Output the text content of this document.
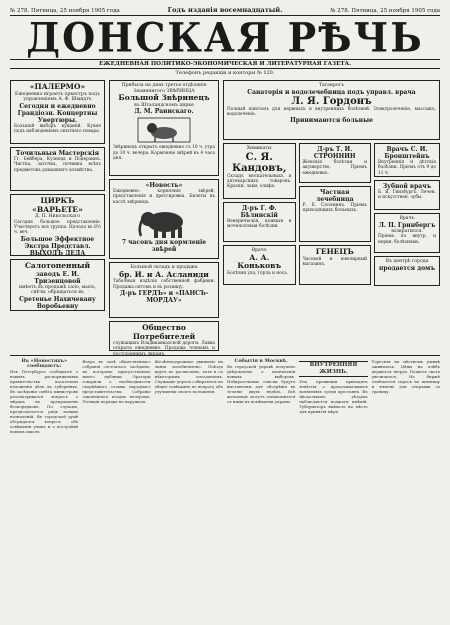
№ 278. Пятница, 25 ноября 1905 года	Годъ изданія восемнадцатый.	№ 278. Пятница, 25 ноября 1905 года
ДОНСКАЯ РѢЧЬ
ЕЖЕДНЕВНАЯ ПОЛИТИКО-ЭКОНОМИЧЕСКАЯ И ЛИТЕРАТУРНАЯ ГАЗЕТА.
Телефонъ редакціи и конторы № 120.
«ПАЛЕРМО»
Ежедневно играетъ оркестръ подъ управленіемъ А. Ф. Шмидтъ
Сегодня и ежедневно
Грандіозн. Концертны Увертюры.
Большой выборъ кушаній. Кухня подъ наблюденіемъ опытнаго повара.
Точильныя Мастерскія
Гг. Бейбера, Кузнеца и Подерзинъ. Чистка, заточка, починка всѣхъ предметовъ домашняго хозяйства.
ЦИРКЪ «ВАРЬЕТЕ»
Д. П. Никольскаго
Сегодня большое представленіе. Участвуетъ вся труппа. Начало въ 8½ ч. веч.
Большое Эффектное Экстра Представл.
ВЫХОДЪ ДЕДА
Салотопенный
заводъ Е. И. Тризенцовой
имѣетъ въ продажѣ сало, мыло, свѣчи, обращаться въ
Сретенье Нахичевану Воробьевну
Прибыла на днях третье отдѣленіе Знаменитого ЗВѢРИНЦА
Большой Звѣринецъ
въ Шталандскомъ цирке
Д. М. Ранискаго.
Звѣринецъ открытъ ежедневно съ 10 ч. утра до 10 ч. вечера. Кормленіе звѣрей въ 4 часа дня.
«Новость»
Ежедневно: кормленіе звѣрей, представленія и дрессировка. Билеты въ кассѣ звѣринца.
7 часовъ дня кормленіе звѣрей
Большой складъ и продажа
бр. И. и А. Асланиди
Табачныя издѣлія собственной фабрики. Продажа оптомъ и въ розницу.
Д-ръ ГЕРДЪ» и «ПАНСЪ-МОРДАУ»
Общество Потребителей
служащихъ Владикавказской дороги. Лавка открыта ежедневно. Продажа членамъ и постороннимъ лицамъ.
Таганрогъ
Санаторія и водолечебница подъ управл. врача
Л. Я. Гордонъ
Полный пансіонъ для нервныхъ и внутреннихъ болѣзней. Электролеченіе, массажъ, водолеченіе.
Принимаются больные
Химикаты
С. Я. Кандовъ,
Складъ москательныхъ и аптекарскихъ товаровъ. Краски, лаки, олифа.
Д-ръ Г. Ф. Бѣлинскій
Венерическія, кожныя и мочеполовыя болѣзни.
Врачъ
А. А. Коньковъ
Болѣзни уха, горла и носа.
Д-ръ Т. И. СТРОННИН
Женскія болѣзни и акушерство. Пріемъ ежедневно.
Частная лечебница
Р. Е. Соломинъ. Пріемъ приходящихъ больныхъ.
ГЕНЕЦЪ
Часовой и ювелирный магазинъ.
Врачъ С. И. Бронштейнъ
Внутреннія и дѣтскія болѣзни. Пріемъ отъ 9 до 11 ч.
Зубной врачъ
Б. Я. Гинзбургъ. Лечен. и искусствен. зубы.
Врачъ
Л. П. Гринбергъ
возвратился.
Пріемъ по внутр. и нервн. болѣзнямъ.
Въ центрѣ города
продается домъ
Въ «Новостяхъ» сообщаютъ:
Изъ Петербурга сообщаютъ о новыхъ распоряженіяхъ правительства касательно положенія дѣлъ въ губерніяхъ. Въ засѣданіи совѣта министровъ разсматривался вопросъ о мѣрахъ къ прекращенію безпорядковъ. По слухамъ, предполагается рядъ новыхъ назначеній. Въ городской думѣ обсуждался вопросъ объ освѣщеніи улицъ и о постройкѣ новыхъ школъ.
Вчера въ залѣ общественнаго собранія состоялось засѣданіе, на которомъ присутствовало много публики. Ораторы говорили о необходимости скорѣйшаго созыва народнаго представительства. Собраніе закончилось поздно вечеромъ. Полиція порядка не нарушала.
Желѣзнодорожное движеніе на линіи возобновлено. Поѣзда идутъ по расписанію, хотя и съ нѣкоторымъ опозданіемъ. Служащіе дороги собираются на общее совѣщаніе по вопросу объ улучшеніи своего положенія.
Событія в Москвѣ.
Въ городской управѣ получено увѣдомленіе о назначеніи новыхъ выборовъ. Избирательные списки будутъ выставлены для обозрѣнія въ теченіе двухъ недѣль. Всѣ желающіе могутъ ознакомиться съ ними въ помѣщеніи управы.
ВНУТРЕННЯЯ ЖИЗНЬ.
Изъ провинціи приходятъ извѣстія о продолжающихся волненіяхъ среди крестьянъ. Въ нѣсколькихъ уѣздахъ наблюдаются поджоги имѣній. Губернаторъ выѣхалъ на мѣсто для принятія мѣръ.
Торговля на мѣстномъ рынкѣ оживилась. Цѣны на хлѣбъ держатся твердо. Подвозъ скота увеличился. На биржѣ отмѣчается спросъ на пшеницу и ячмень для отправки за границу.
